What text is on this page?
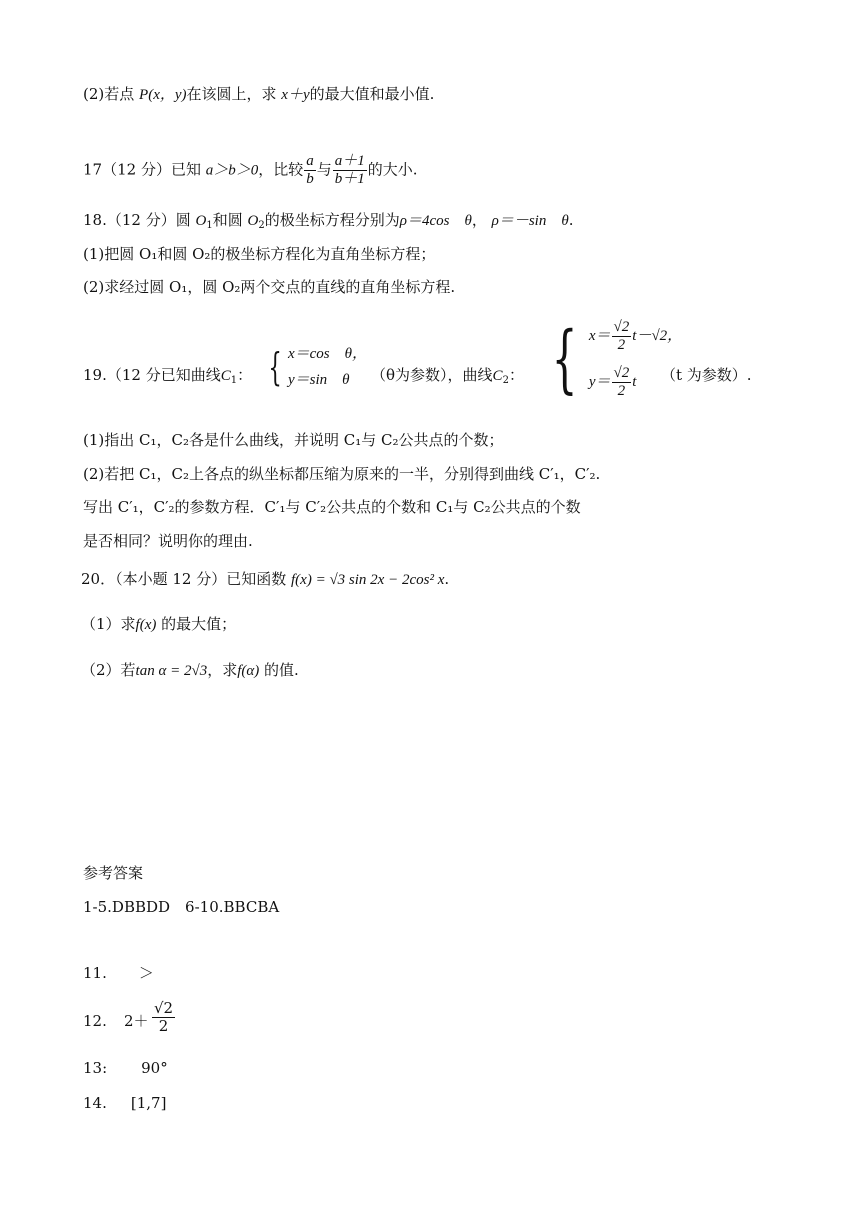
(2)若点 P(x，y)在该圆上，求 x＋y的最大值和最小值.
17（12 分）已知 a＞b＞0，比较 $\frac{a}{b}$ 与 $\frac{a+1}{b+1}$ 的大小.
18.（12 分）圆 $O_1$和圆 $O_2$的极坐标方程分别为ρ＝4cos　θ， ρ＝－sin　θ.
(1)把圆 O₁和圆 O₂的极坐标方程化为直角坐标方程；
(2)求经过圆 O₁，圆 O₂两个交点的直线的直角坐标方程.
19.（12 分已知曲线$C_1$： { x＝cos　θ，
y＝sin　θ	（θ为参数），曲线$C_2$： { $x= \frac{√2}{2} t-√2$，
$y= \frac{√2}{2}$ t	（t 为参数）.
(1)指出 C₁，C₂各是什么曲线，并说明 C₁与 C₂公共点的个数；
(2)若把 C₁，C₂上各点的纵坐标都压缩为原来的一半，分别得到曲线 C′₁，C′₂.
写出 C′₁，C′₂的参数方程．C′₁与 C′₂公共点的个数和 C₁与 C₂公共点的个数
是否相同？说明你的理由.
20．（本小题 12 分）已知函数 f(x) = √3 sin 2x − 2cos² x.
（1）求f(x) 的最大值；
（2）若tan α = 2√3，求f(α) 的值.
参考答案
1-5.DBBDD　6-10.BBCBA
11. ＞
12. $2+ \frac{√2}{2}$
13: 90°
14. [1,7]
